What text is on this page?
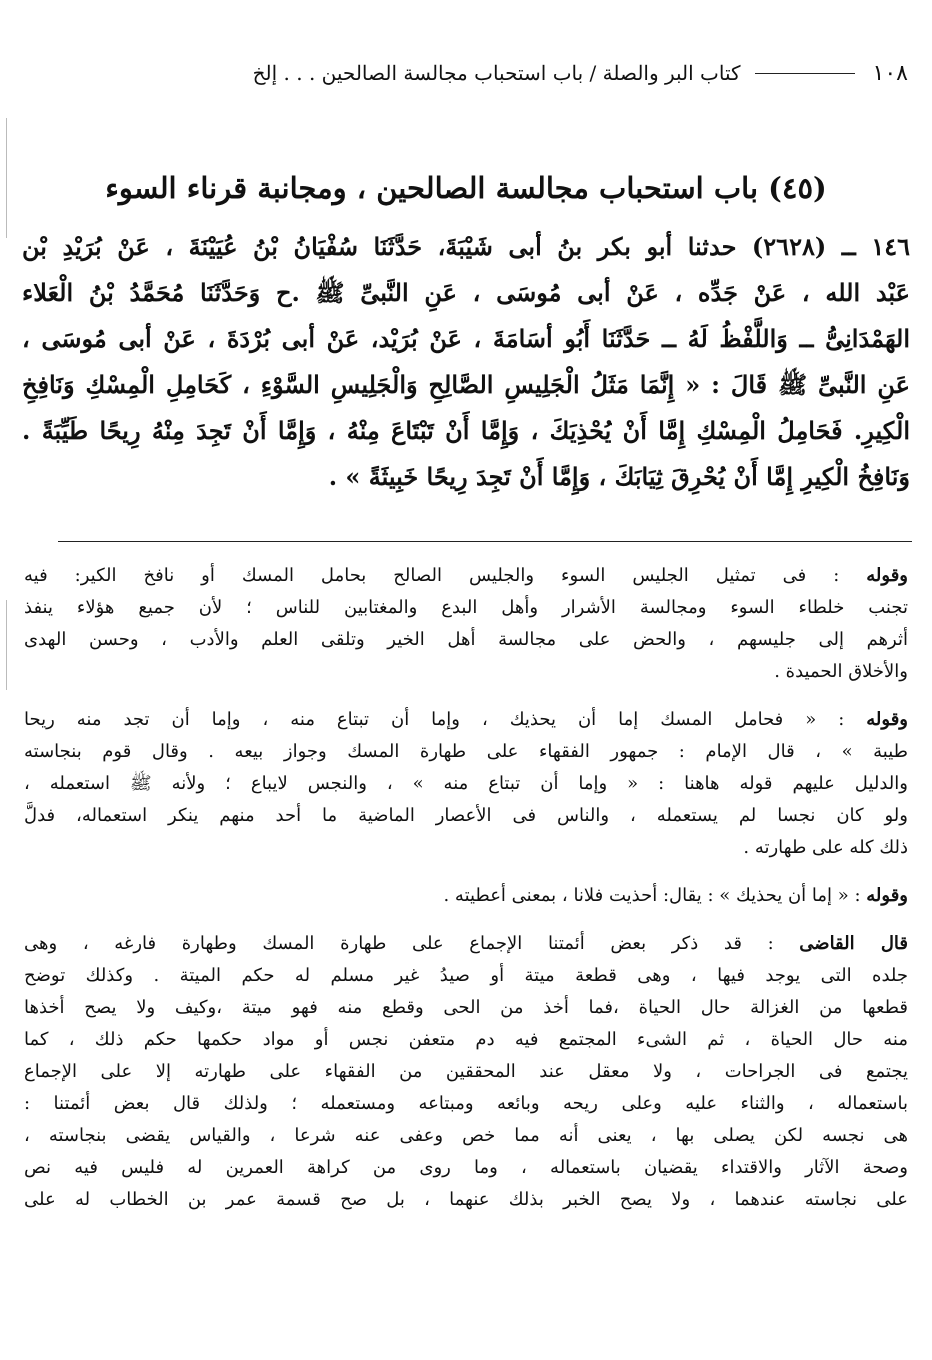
١٠٨
كتاب البر والصلة / باب استحباب مجالسة الصالحين . . . إلخ
(٤٥) باب استحباب مجالسة الصالحين ، ومجانبة قرناء السوء
١٤٦ ــ (٢٦٢٨) حدثنا أبو بكر بنُ أبى شَيْبَةَ، حَدَّثَنَا سُفْيَانُ بْنُ عُيَيْنَةَ ، عَنْ بُرَيْدِ بْن
عَبْد الله ، عَنْ جَدِّه ، عَنْ أبى مُوسَى ، عَنِ النَّبىِّ ﷺ .ح وَحَدَّثَنَا مُحَمَّدُ بْنُ الْعَلاء
الهَمْدَانِىُّ ــ وَاللَّفْظُ لَهُ ــ حَدَّثَنَا أَبُو أسَامَةَ ، عَنْ بُرَيْد، عَنْ أبى بُرْدَةَ ، عَنْ أبى مُوسَى ،
عَنِ النَّبىِّ ﷺ قَالَ : « إِنَّمَا مَثَلُ الْجَلِيسِ الصَّالِحِ وَالْجَلِيسِ السَّوْءِ ، كَحَامِلِ الْمِسْكِ وَنَافِخِ
الْكِيرِ. فَحَامِلُ الْمِسْكِ إِمَّا أَنْ يُحْذِيَكَ ، وَإِمَّا أَنْ تَبْتَاعَ مِنْهُ ، وَإِمَّا أَنْ تَجِدَ مِنْهُ رِيحًا طَيِّبَةً .
وَنَافِخُ الْكِيرِ إِمَّا أَنْ يُحْرِقَ ثِيَابَكَ ، وَإِمَّا أَنْ تَجِدَ رِيحًا خَبِيثَةً » .
وقوله : فى تمثيل الجليس السوء والجليس الصالح بحامل المسك أو نافخ الكير: فيه
تجنب خلطاء السوء ومجالسة الأشرار وأهل البدع والمغتابين للناس ؛ لأن جميع هؤلاء ينفذ
أثرهم إلى جليسهم ، والحض على مجالسة أهل الخير وتلقى العلم والأدب ، وحسن الهدى
والأخلاق الحميدة .
وقوله : « فحامل المسك إما أن يحذيك ، وإما أن تبتاع منه ، وإما أن تجد منه ريحا
طيبة » ، قال الإمام : جمهور الفقهاء على طهارة المسك وجواز بيعه . وقال قوم بنجاسته
والدليل عليهم قوله هاهنا : « وإما أن تبتاع منه » ، والنجس لايباع ؛ ولأنه ﷺ استعمله ،
ولو كان نجسا لم يستعمله ، والناس فى الأعصار الماضية ما أحد منهم ينكر استعماله، فدلَّ
ذلك كله على طهارته .
وقوله : « إما أن يحذيك » : يقال: أحذيت فلانا ، بمعنى أعطيته .
قال القاضى : قد ذكر بعض أئمتنا الإجماع على طهارة المسك وطهارة فارغه ، وهى
جلده التى يوجد فيها ، وهى قطعة ميتة أو صيدُ غير مسلم له حكم الميتة . وكذلك توضح
قطعها من الغزالة حال الحياة ،فما أخذ من الحى وقطع منه فهو ميتة ،وكيف ولا يصح أخذها
منه حال الحياة ، ثم الشىء المجتمع فيه دم متعفن نجس أو مواد حكمها حكم ذلك ، كما
يجتمع فى الجراحات ، ولا معقل عند المحققين من الفقهاء على طهارته إلا على الإجماع
باستعماله ، والثناء عليه وعلى ريحه وبائعه ومبتاعه ومستعمله ؛ ولذلك قال بعض أئمتنا :
هى نجسه لكن يصلى بها ، يعنى أنه مما خص وعفى عنه شرعا ، والقياس يقضى بنجاسته ،
وصحة الآثار والاقتداء يقضيان باستعماله ، وما روى من كراهة العمرين له فليس فيه نص
على نجاسته عندهما ، ولا يصح الخبر بذلك عنهما ، بل صح قسمة عمر بن الخطاب له على
